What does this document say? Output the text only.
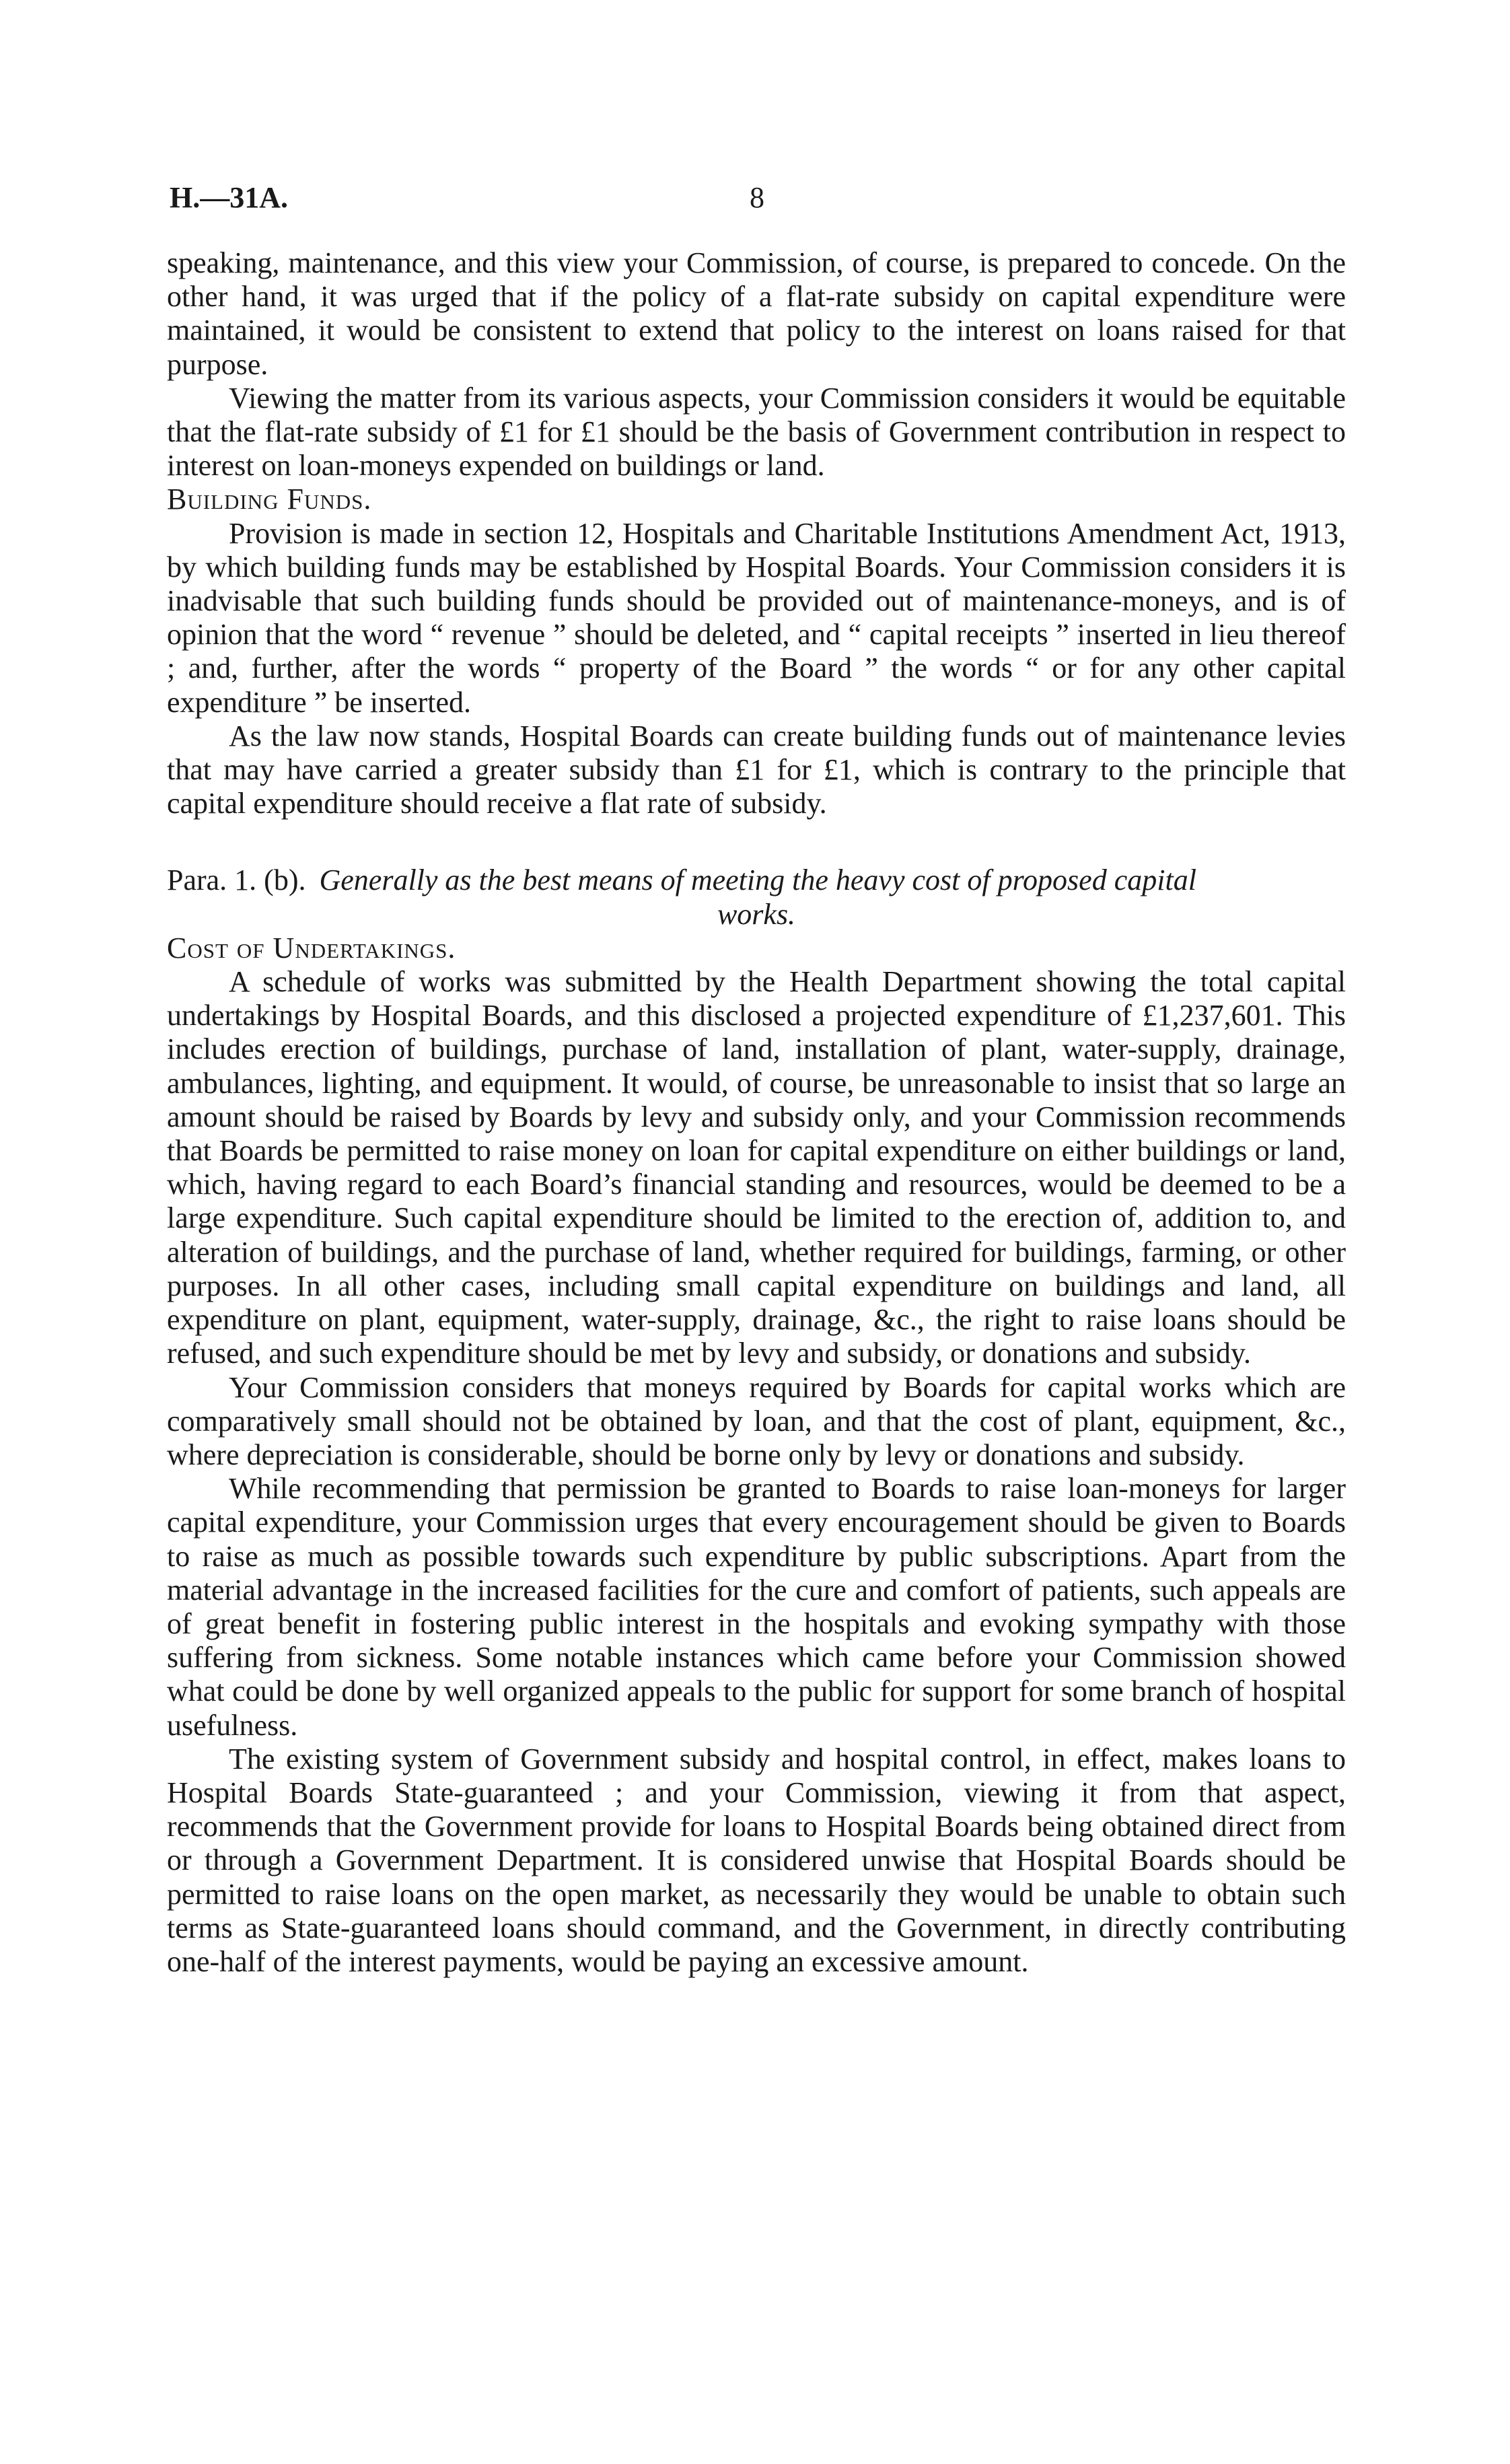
H.—31A.	8

speaking, maintenance, and this view your Commission, of course, is prepared to concede. On the other hand, it was urged that if the policy of a flat-rate subsidy on capital expenditure were maintained, it would be consistent to extend that policy to the interest on loans raised for that purpose.

Viewing the matter from its various aspects, your Commission considers it would be equitable that the flat-rate subsidy of £1 for £1 should be the basis of Government contribution in respect to interest on loan-moneys expended on buildings or land.

Building Funds.

Provision is made in section 12, Hospitals and Charitable Institutions Amendment Act, 1913, by which building funds may be established by Hospital Boards. Your Commission considers it is inadvisable that such building funds should be provided out of maintenance-moneys, and is of opinion that the word “ revenue ” should be deleted, and “ capital receipts ” inserted in lieu thereof ; and, further, after the words “ property of the Board ” the words “ or for any other capital expenditure ” be inserted.

As the law now stands, Hospital Boards can create building funds out of maintenance levies that may have carried a greater subsidy than £1 for £1, which is contrary to the principle that capital expenditure should receive a flat rate of subsidy.

Para. 1. (b). Generally as the best means of meeting the heavy cost of proposed capital

works.

Cost of Undertakings.

A schedule of works was submitted by the Health Department showing the total capital undertakings by Hospital Boards, and this disclosed a projected expenditure of £1,237,601. This includes erection of buildings, purchase of land, installation of plant, water-supply, drainage, ambulances, lighting, and equipment. It would, of course, be unreasonable to insist that so large an amount should be raised by Boards by levy and subsidy only, and your Commission recommends that Boards be permitted to raise money on loan for capital expenditure on either buildings or land, which, having regard to each Board’s financial standing and resources, would be deemed to be a large expenditure. Such capital expenditure should be limited to the erection of, addition to, and alteration of buildings, and the purchase of land, whether required for buildings, farming, or other purposes. In all other cases, including small capital expenditure on buildings and land, all expenditure on plant, equipment, water-supply, drainage, &c., the right to raise loans should be refused, and such expenditure should be met by levy and subsidy, or donations and subsidy.

Your Commission considers that moneys required by Boards for capital works which are comparatively small should not be obtained by loan, and that the cost of plant, equipment, &c., where depreciation is considerable, should be borne only by levy or donations and subsidy.

While recommending that permission be granted to Boards to raise loan-moneys for larger capital expenditure, your Commission urges that every encouragement should be given to Boards to raise as much as possible towards such expenditure by public subscriptions. Apart from the material advantage in the increased facilities for the cure and comfort of patients, such appeals are of great benefit in fostering public interest in the hospitals and evoking sympathy with those suffering from sickness. Some notable instances which came before your Commission showed what could be done by well organized appeals to the public for support for some branch of hospital usefulness.

The existing system of Government subsidy and hospital control, in effect, makes loans to Hospital Boards State-guaranteed ; and your Commission, viewing it from that aspect, recommends that the Government provide for loans to Hospital Boards being obtained direct from or through a Government Department. It is considered unwise that Hospital Boards should be permitted to raise loans on the open market, as necessarily they would be unable to obtain such terms as State-guaranteed loans should command, and the Government, in directly contributing one-half of the interest payments, would be paying an excessive amount.
